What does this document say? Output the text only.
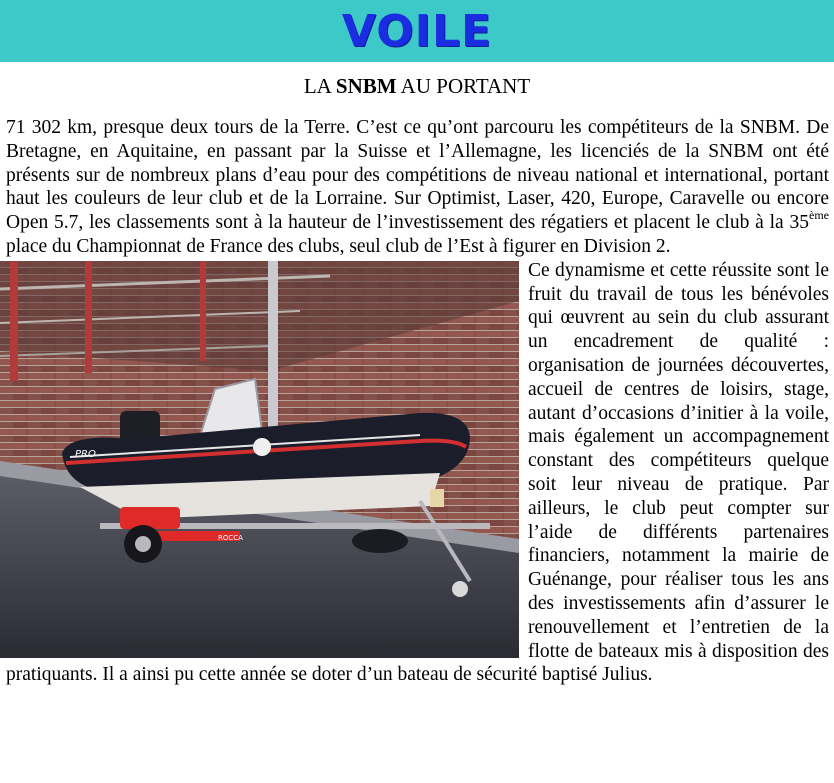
VOILE
LA SNBM AU PORTANT

71 302 km, presque deux tours de la Terre. C’est ce qu’ont parcouru les compétiteurs de la SNBM. De Bretagne, en Aquitaine, en passant par la Suisse et l’Allemagne, les licenciés de la SNBM ont été présents sur de nombreux plans d’eau pour des compétitions de niveau national et international, portant haut les couleurs de leur club et de la Lorraine. Sur Optimist, Laser, 420, Europe, Caravelle ou encore Open 5.7, les classements sont à la hauteur de l’investissement des régatiers et placent le club à la 35ème place du Championnat de France des clubs, seul club de l’Est à figurer en Division 2.

PRO
ROCCA
Ce dynamisme et cette réussite sont le fruit du travail de tous les bénévoles qui œuvrent au sein du club assurant un encadrement de qualité : organisation de journées découvertes, accueil de centres de loisirs, stage, autant d’occasions d’initier à la voile, mais également un accompagnement constant des compétiteurs quelque soit leur niveau de pratique. Par ailleurs, le club peut compter sur l’aide de différents partenaires financiers, notamment la mairie de Guénange, pour réaliser tous les ans des investissements afin d’assurer le renouvellement et l’entretien de la flotte de bateaux mis à disposition des pratiquants. Il a ainsi pu cette année se doter d’un bateau de sécurité baptisé Julius.
